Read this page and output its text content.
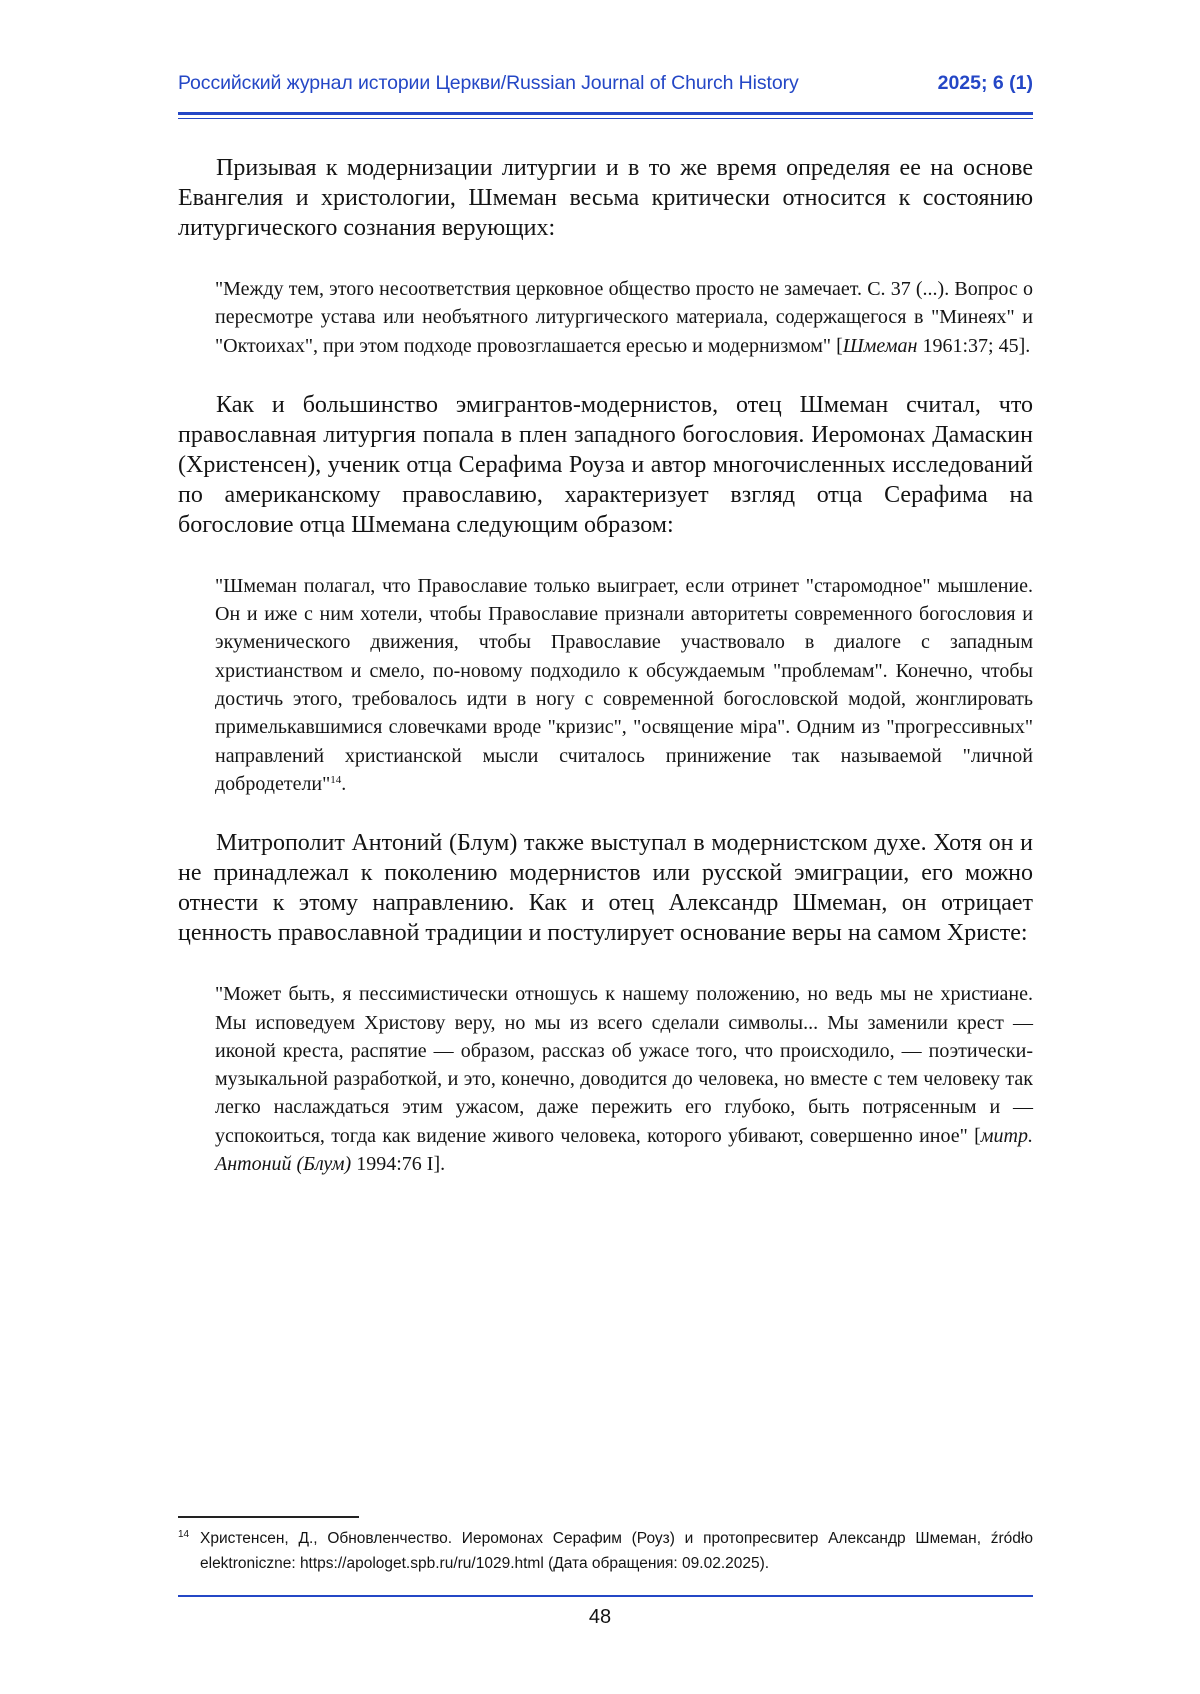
Российский журнал истории Церкви/Russian Journal of Church History	2025; 6 (1)

Призывая к модернизации литургии и в то же время определяя ее на основе Евангелия и христологии, Шмеман весьма критически относится к состоянию литургического сознания верующих:

"Между тем, этого несоответствия церковное общество просто не замечает. С. 37 (...). Вопрос о пересмотре устава или необъятного литургического материала, содержащегося в "Минеях" и "Октоихах", при этом подходе провозглашается ересью и модернизмом" [Шмеман 1961:37; 45].

Как и большинство эмигрантов-модернистов, отец Шмеман считал, что православная литургия попала в плен западного богословия. Иеромонах Дамаскин (Христенсен), ученик отца Серафима Роуза и автор многочисленных исследований по американскому православию, характеризует взгляд отца Серафима на богословие отца Шмемана следующим образом:

"Шмеман полагал, что Православие только выиграет, если отринет "старомодное" мышление. Он и иже с ним хотели, чтобы Православие признали авторитеты современного богословия и экуменического движения, чтобы Православие участвовало в диалоге с западным христианством и смело, по-новому подходило к обсуждаемым "проблемам". Конечно, чтобы достичь этого, требовалось идти в ногу с современной богословской модой, жонглировать примелькавшимися словечками вроде "кризис", "освящение міра". Одним из "прогрессивных" направлений христианской мысли считалось принижение так называемой "личной добродетели"$^{14}$.

Митрополит Антоний (Блум) также выступал в модернистском духе. Хотя он и не принадлежал к поколению модернистов или русской эмиграции, его можно отнести к этому направлению. Как и отец Александр Шмеман, он отрицает ценность православной традиции и постулирует основание веры на самом Христе:

"Может быть, я пессимистически отношусь к нашему положению, но ведь мы не христиане. Мы исповедуем Христову веру, но мы из всего сделали символы... Мы заменили крест — иконой креста, распятие — образом, рассказ об ужасе того, что происходило, — поэтически-музыкальной разработкой, и это, конечно, доводится до человека, но вместе с тем человеку так легко наслаждаться этим ужасом, даже пережить его глубоко, быть потрясенным и — успокоиться, тогда как видение живого человека, которого убивают, совершенно иное" [митр. Антоний (Блум) 1994:76 I].

14 Христенсен, Д., Обновленчество. Иеромонах Серафим (Роуз) и протопресвитер Александр Шмеман, źródło elektroniczne: https://apologet.spb.ru/ru/1029.html (Дата обращения: 09.02.2025).
48
